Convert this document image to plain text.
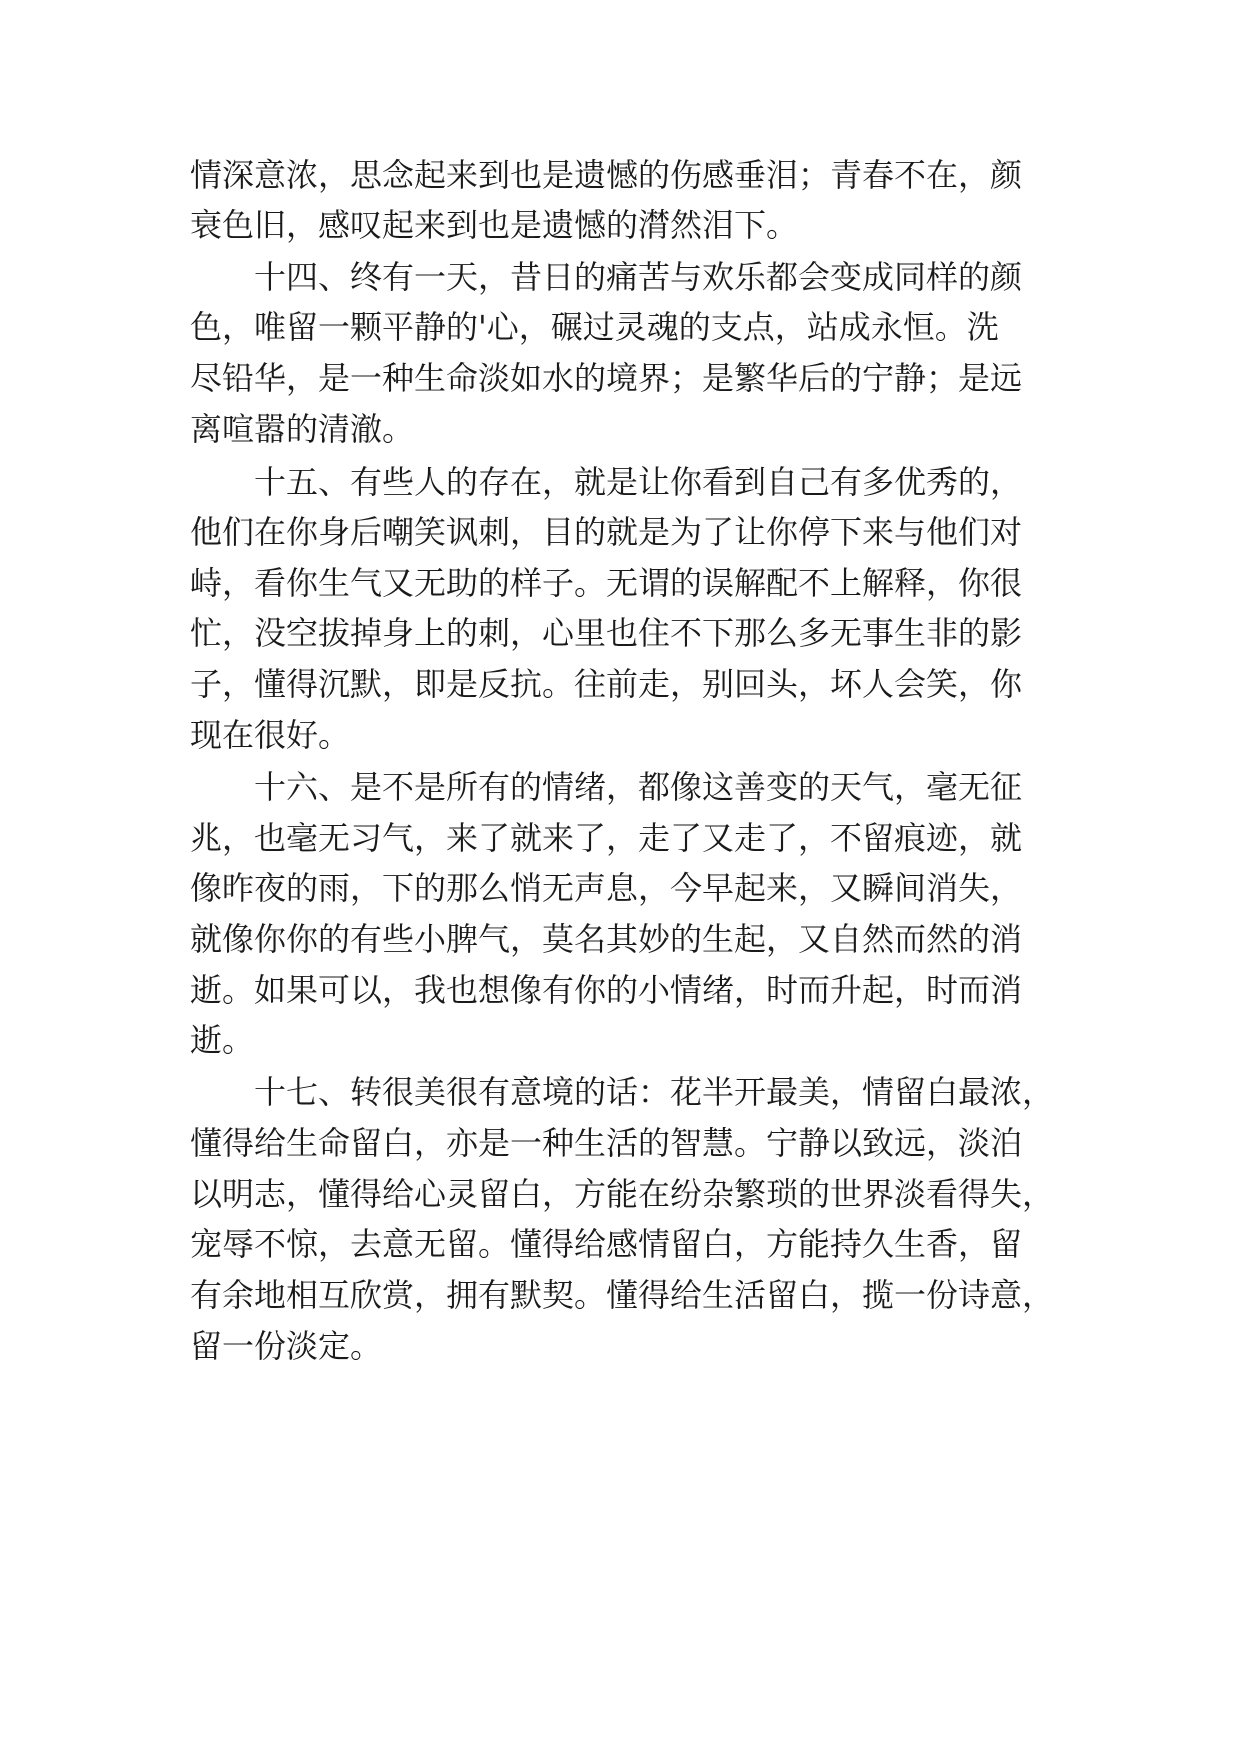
情深意浓，思念起来到也是遗憾的伤感垂泪；青春不在，颜
衰色旧，感叹起来到也是遗憾的潸然泪下。
十四、终有一天，昔日的痛苦与欢乐都会变成同样的颜
色，唯留一颗平静的'心，碾过灵魂的支点，站成永恒。洗
尽铅华，是一种生命淡如水的境界；是繁华后的宁静；是远
离喧嚣的清澈。
十五、有些人的存在，就是让你看到自己有多优秀的，
他们在你身后嘲笑讽刺，目的就是为了让你停下来与他们对
峙，看你生气又无助的样子。无谓的误解配不上解释，你很
忙，没空拔掉身上的刺，心里也住不下那么多无事生非的影
子，懂得沉默，即是反抗。往前走，别回头，坏人会笑，你
现在很好。
十六、是不是所有的情绪，都像这善变的天气，毫无征
兆，也毫无习气，来了就来了，走了又走了，不留痕迹，就
像昨夜的雨，下的那么悄无声息，今早起来，又瞬间消失，
就像你你的有些小脾气，莫名其妙的生起，又自然而然的消
逝。如果可以，我也想像有你的小情绪，时而升起，时而消
逝。
十七、转很美很有意境的话：花半开最美，情留白最浓，
懂得给生命留白，亦是一种生活的智慧。宁静以致远，淡泊
以明志，懂得给心灵留白，方能在纷杂繁琐的世界淡看得失，
宠辱不惊，去意无留。懂得给感情留白，方能持久生香，留
有余地相互欣赏，拥有默契。懂得给生活留白，揽一份诗意，
留一份淡定。
